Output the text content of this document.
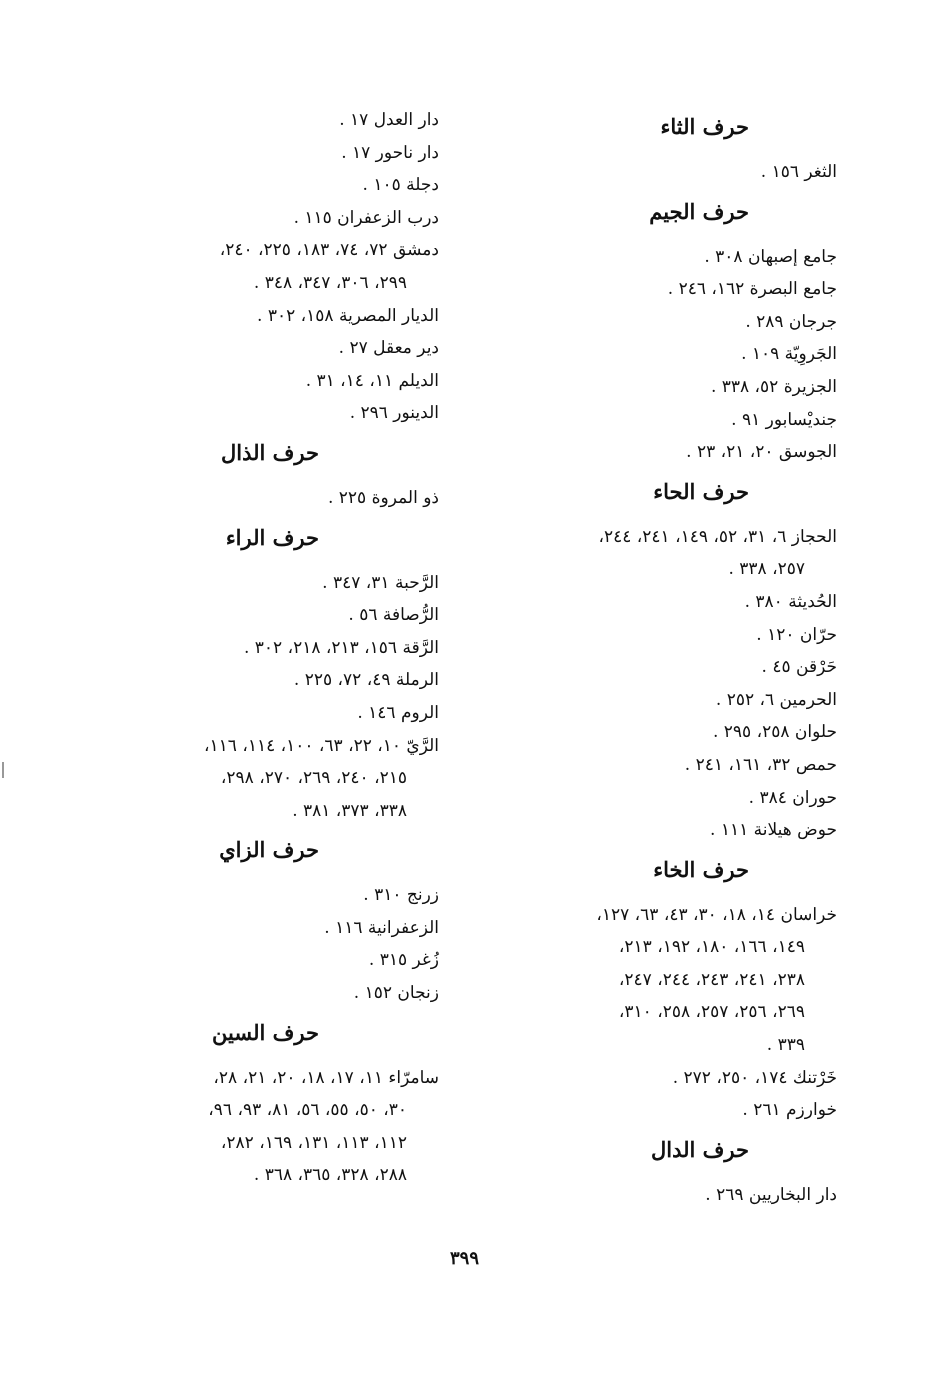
حرف الثاء
الثغر ١٥٦ .
حرف الجيم
جامع إصبهان ٣٠٨ .
جامع البصرة ١٦٢، ٢٤٦ .
جرجان ٢٨٩ .
الجَروِيّة ١٠٩ .
الجزيرة ٥٢، ٣٣٨ .
جنديْسابور ٩١ .
الجوسق ٢٠، ٢١، ٢٣ .
حرف الحاء
الحجاز ٦، ٣١، ٥٢، ١٤٩، ٢٤١، ٢٤٤،
٢٥٧، ٣٣٨ .
الحُديثة ٣٨٠ .
حرّان ١٢٠ .
حَرْقن ٤٥ .
الحرمين ٦، ٢٥٢ .
حلوان ٢٥٨، ٢٩٥ .
حمص ٣٢، ١٦١، ٢٤١ .
حوران ٣٨٤ .
حوض هيلانة ١١١ .
حرف الخاء
خراسان ١٤، ١٨، ٣٠، ٤٣، ٦٣، ١٢٧،
١٤٩، ١٦٦، ١٨٠، ١٩٢، ٢١٣،
٢٣٨، ٢٤١، ٢٤٣، ٢٤٤، ٢٤٧،
٢٦٩، ٢٥٦، ٢٥٧، ٢٥٨، ٣١٠،
٣٣٩ .
خَرْتنك ١٧٤، ٢٥٠، ٢٧٢ .
خوارزم ٢٦١ .
حرف الدال
دار البخاريين ٢٦٩ .
دار العدل ١٧ .
دار ناحور ١٧ .
دجلة ١٠٥ .
درب الزعفران ١١٥ .
دمشق ٧٢، ٧٤، ١٨٣، ٢٢٥، ٢٤٠،
٢٩٩، ٣٠٦، ٣٤٧، ٣٤٨ .
الديار المصرية ١٥٨، ٣٠٢ .
دير معقل ٢٧ .
الديلم ١١، ١٤، ٣١ .
الدينور ٢٩٦ .
حرف الذال
ذو المروة ٢٢٥ .
حرف الراء
الرَّحبة ٣١، ٣٤٧ .
الرُّصافة ٥٦ .
الرَّقة ١٥٦، ٢١٣، ٢١٨، ٣٠٢ .
الرملة ٤٩، ٧٢، ٢٢٥ .
الروم ١٤٦ .
الرَّيّ ١٠، ٢٢، ٦٣، ١٠٠، ١١٤، ١١٦،
٢١٥، ٢٤٠، ٢٦٩، ٢٧٠، ٢٩٨،
٣٣٨، ٣٧٣، ٣٨١ .
حرف الزاي
زرنج ٣١٠ .
الزعفرانية ١١٦ .
زُغر ٣١٥ .
زنجان ١٥٢ .
حرف السين
سامرّاء ١١، ١٧، ١٨، ٢٠، ٢١، ٢٨،
٣٠، ٥٠، ٥٥، ٥٦، ٨١، ٩٣، ٩٦،
١١٢، ١١٣، ١٣١، ١٦٩، ٢٨٢،
٢٨٨، ٣٢٨، ٣٦٥، ٣٦٨ .
٣٩٩
